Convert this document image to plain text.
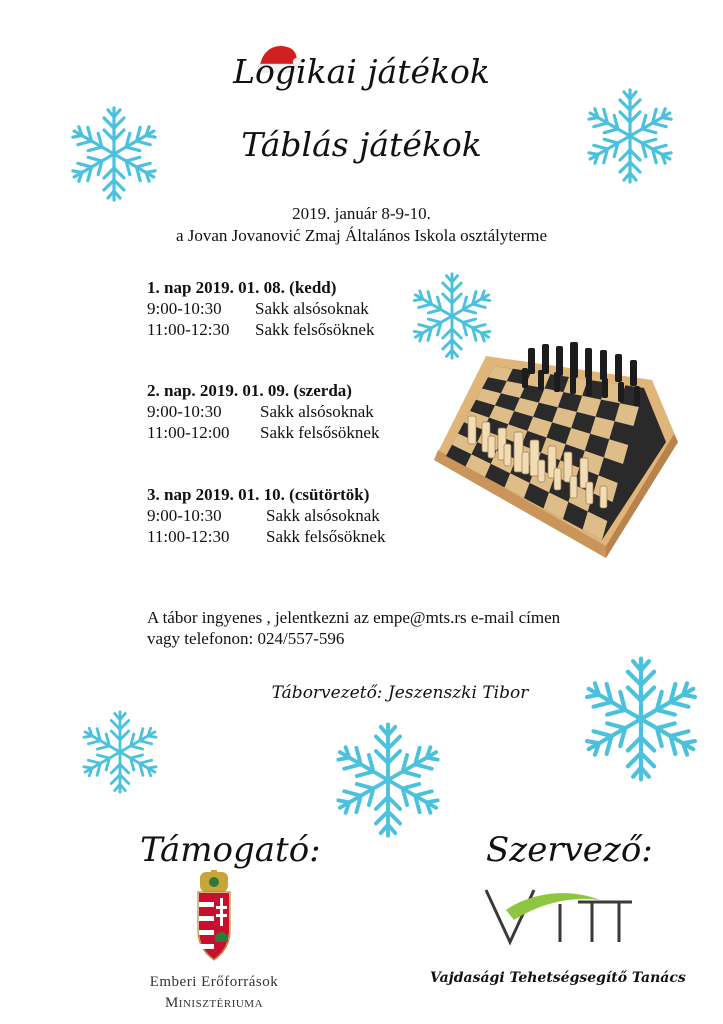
Logikai játékok
Táblás játékok
2019. január 8-9-10.
a Jovan Jovanović Zmaj Általános Iskola osztályterme
1. nap 2019. 01. 08. (kedd)
9:00-10:30 Sakk alsósoknak
11:00-12:30 Sakk felsősöknek
2. nap. 2019. 01. 09. (szerda)
9:00-10:30 Sakk alsósoknak
11:00-12:00 Sakk felsősöknek
3. nap 2019. 01. 10. (csütörtök)
9:00-10:30	Sakk alsósoknak
11:00-12:30 Sakk felsősöknek
A tábor ingyenes , jelentkezni az empe@mts.rs e-mail címen
vagy telefonon: 024/557-596
Táborvezető: Jeszenszki Tibor
Támogató:	Szervező:
Emberi Erőforrások
Minisztériuma
Vajdasági Tehetségsegítő Tanács
